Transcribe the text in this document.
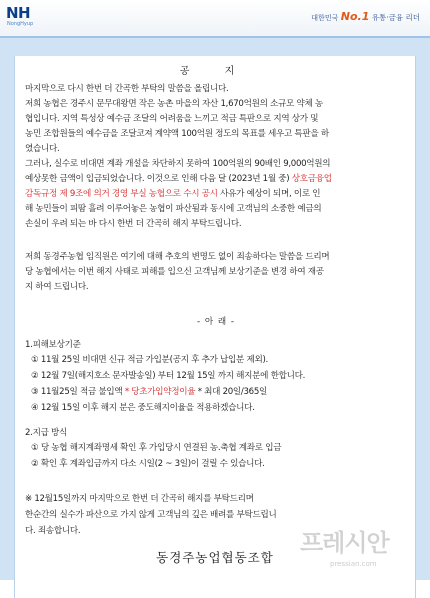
NH
NongHyup
대한민국 No.1 유통·금융 리더
공 지
마지막으로 다시 한번 더 간곡한 부탁의 말씀을 올립니다.
저희 농협은 경주시 문무대왕면 작은 농촌 마을의 자산 1,670억원의 소규모 약체 농
협입니다. 지역 특성상 예수금 조달의 어려움을 느끼고 적금 특판으로 지역 상가 및
농민 조합원들의 예수금을 조달코져 계약액 100억원 정도의 목표를 세우고 특판을 하
였습니다.
그러나, 실수로 비대면 계좌 개설을 차단하지 못하여 100억원의 90배인 9,000억원의
예상못한 금액이 입금되었습니다. 이것으로 인해 다음 달 (2023년 1월 중) 상호금융업
감독규정 제 9조에 의거 경영 부실 농협으로 수시 공시 사유가 예상이 되며, 이로 인
해 농민들이 피땀 흘려 이루어놓은 농협이 파산됨과 동시에 고객님의 소중한 예금의
손실이 우려 되는 바 다시 한번 더 간곡히 해지 부탁드립니다.
저희 동경주농협 임직원은 여기에 대해 추호의 변명도 없이 죄송하다는 말씀을 드리며
당 농협에서는 이번 해지 사태로 피해를 입으신 고객님께 보상기준을 변경 하여 재공
지 하여 드립니다.
- 아 래 -
1.피해보상기준
① 11월 25일 비대면 신규 적금 가입분(공지 후 추가 납입분 제외).
② 12월 7일(해지호소 문자발송일) 부터 12월 15일 까지 해지분에 한합니다.
③ 11월25일 적금 불입액 * 당초가입약정이율 * 최대 20일/365일
④ 12월 15일 이후 해지 분은 중도해지이율을 적용하겠습니다.
2.지급 방식
① 당 농협 해지계좌명세 확인 후 가입당시 연결된 농.축협 계좌로 입금
② 확인 후 계좌입금까지 다소 시일(2 ~ 3일)이 걸릴 수 있습니다.
※ 12월15일까지 마지막으로 한번 더 간곡히 해지를 부탁드리며
한순간의 실수가 파산으로 가지 않게 고객님의 깊은 배려를 부탁드립니
다. 죄송합니다.
동경주농업협동조합
프레시안
pressian.com
